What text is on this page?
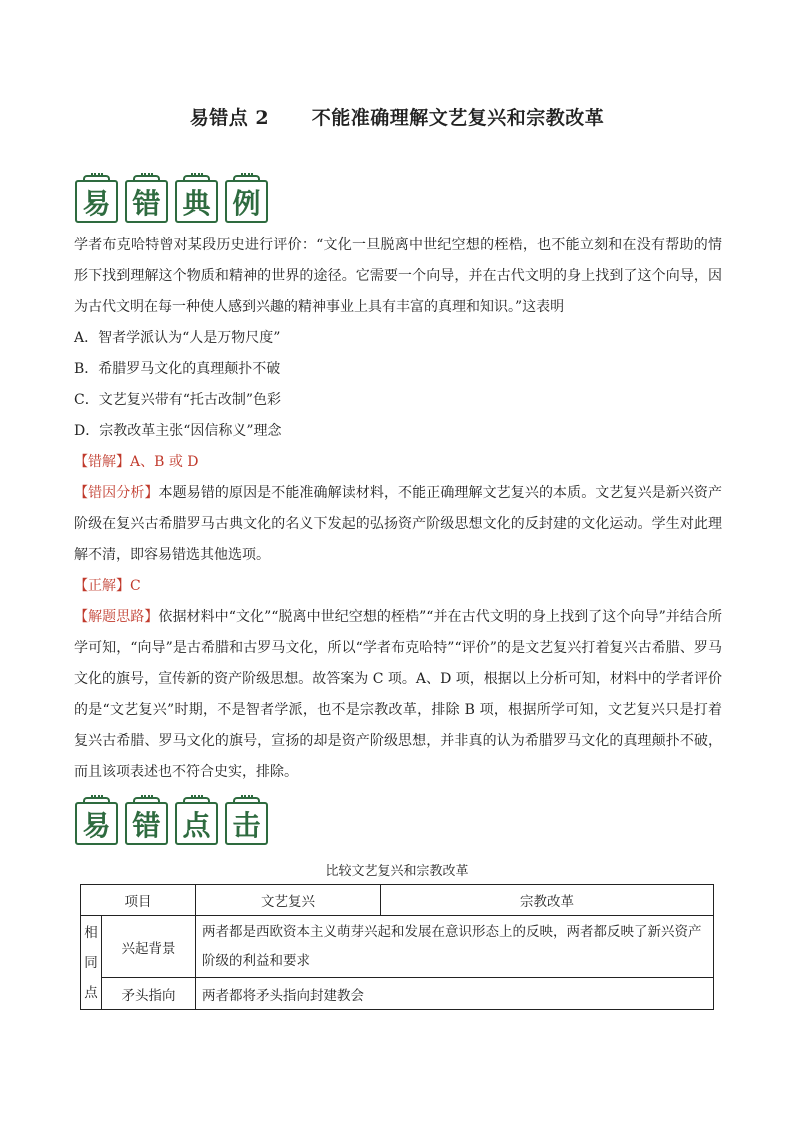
易错点 2      不能准确理解文艺复兴和宗教改革
易 错 典 例

学者布克哈特曾对某段历史进行评价：“文化一旦脱离中世纪空想的桎梏，也不能立刻和在没有帮助的情形下找到理解这个物质和精神的世界的途径。它需要一个向导，并在古代文明的身上找到了这个向导，因为古代文明在每一种使人感到兴趣的精神事业上具有丰富的真理和知识。”这表明

A．智者学派认为“人是万物尺度”

B．希腊罗马文化的真理颠扑不破

C．文艺复兴带有“托古改制”色彩

D．宗教改革主张“因信称义”理念

【错解】A、B 或 D

【错因分析】本题易错的原因是不能准确解读材料，不能正确理解文艺复兴的本质。文艺复兴是新兴资产阶级在复兴古希腊罗马古典文化的名义下发起的弘扬资产阶级思想文化的反封建的文化运动。学生对此理解不清，即容易错选其他选项。

【正解】C

【解题思路】依据材料中“文化”“脱离中世纪空想的桎梏”“并在古代文明的身上找到了这个向导”并结合所学可知，“向导”是古希腊和古罗马文化，所以“学者布克哈特”“评价”的是文艺复兴打着复兴古希腊、罗马文化的旗号，宣传新的资产阶级思想。故答案为 C 项。A、D 项，根据以上分析可知，材料中的学者评价的是“文艺复兴”时期，不是智者学派，也不是宗教改革，排除 B 项，根据所学可知，文艺复兴只是打着复兴古希腊、罗马文化的旗号，宣扬的却是资产阶级思想，并非真的认为希腊罗马文化的真理颠扑不破，而且该项表述也不符合史实，排除。

易 错 点 击
比较文艺复兴和宗教改革
项目		文艺复兴	宗教改革
相
同
点	兴起背景	两者都是西欧资本主义萌芽兴起和发展在意识形态上的反映，两者都反映了新兴资产阶级的利益和要求	
	矛头指向	两者都将矛头指向封建教会	
